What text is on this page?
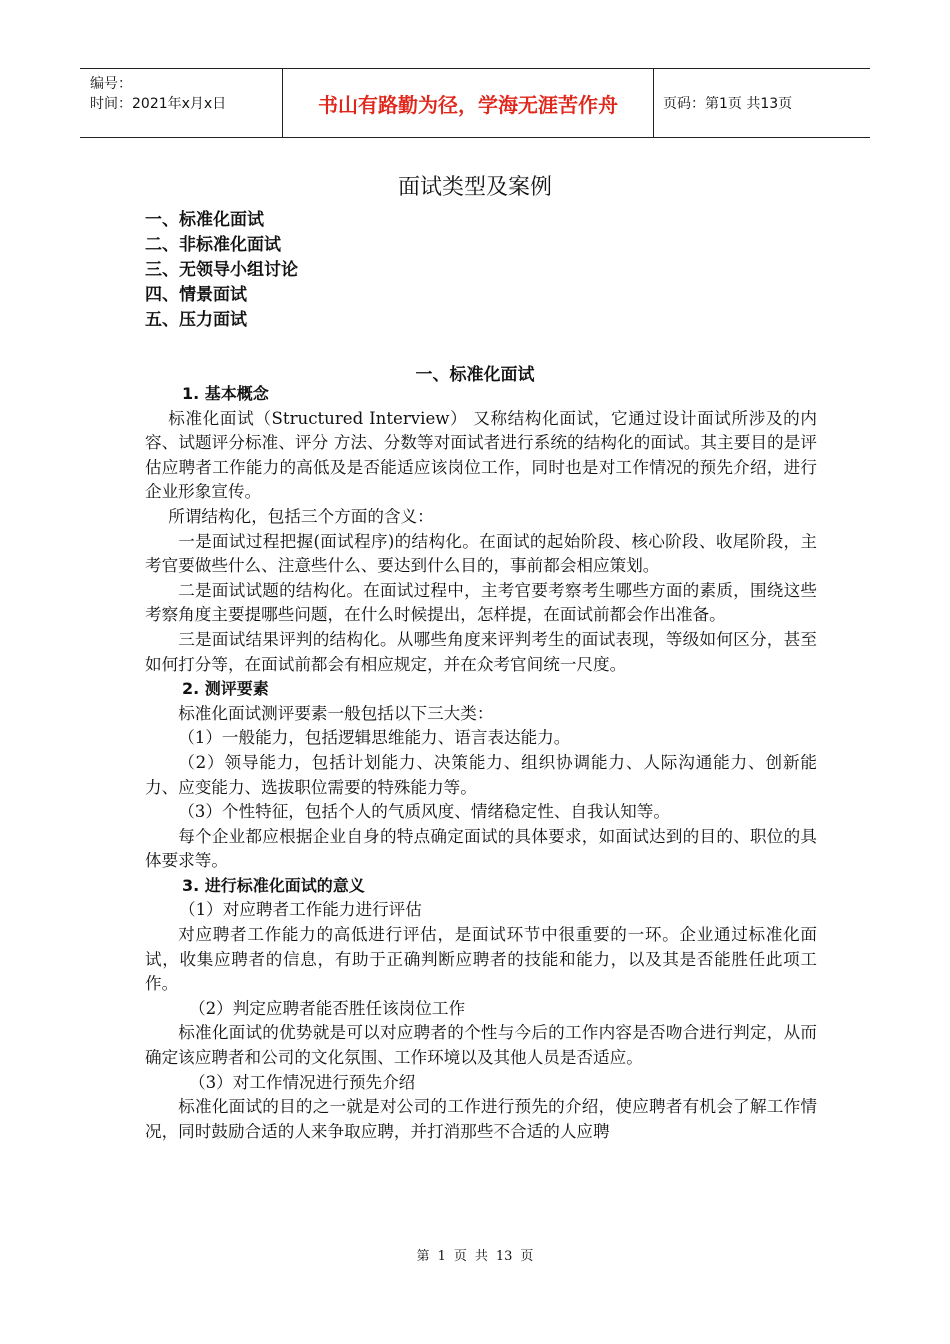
编号：
时间：2021年x月x日	书山有路勤为径，学海无涯苦作舟	页码：第1页 共13页
面试类型及案例
一、标准化面试
二、非标准化面试
三、无领导小组讨论
四、情景面试
五、压力面试
一、标准化面试

1. 基本概念

标准化面试（Structured Interview） 又称结构化面试，它通过设计面试所涉及的内容、试题评分标准、评分 方法、分数等对面试者进行系统的结构化的面试。其主要目的是评估应聘者工作能力的高低及是否能适应该岗位工作，同时也是对工作情况的预先介绍，进行企业形象宣传。

所谓结构化，包括三个方面的含义：

一是面试过程把握(面试程序)的结构化。在面试的起始阶段、核心阶段、收尾阶段，主考官要做些什么、注意些什么、要达到什么目的，事前都会相应策划。

二是面试试题的结构化。在面试过程中，主考官要考察考生哪些方面的素质，围绕这些考察角度主要提哪些问题，在什么时候提出，怎样提，在面试前都会作出准备。

三是面试结果评判的结构化。从哪些角度来评判考生的面试表现，等级如何区分，甚至如何打分等，在面试前都会有相应规定，并在众考官间统一尺度。

2. 测评要素

标准化面试测评要素一般包括以下三大类：

（1）一般能力，包括逻辑思维能力、语言表达能力。

（2）领导能力，包括计划能力、决策能力、组织协调能力、人际沟通能力、创新能力、应变能力、选拔职位需要的特殊能力等。

（3）个性特征，包括个人的气质风度、情绪稳定性、自我认知等。

每个企业都应根据企业自身的特点确定面试的具体要求，如面试达到的目的、职位的具体要求等。

3. 进行标准化面试的意义

（1）对应聘者工作能力进行评估

对应聘者工作能力的高低进行评估，是面试环节中很重要的一环。企业通过标准化面试，收集应聘者的信息，有助于正确判断应聘者的技能和能力，以及其是否能胜任此项工作。

（2）判定应聘者能否胜任该岗位工作

标准化面试的优势就是可以对应聘者的个性与今后的工作内容是否吻合进行判定，从而确定该应聘者和公司的文化氛围、工作环境以及其他人员是否适应。

（3）对工作情况进行预先介绍

标准化面试的目的之一就是对公司的工作进行预先的介绍，使应聘者有机会了解工作情况，同时鼓励合适的人来争取应聘，并打消那些不合适的人应聘

第 1 页 共 13 页
